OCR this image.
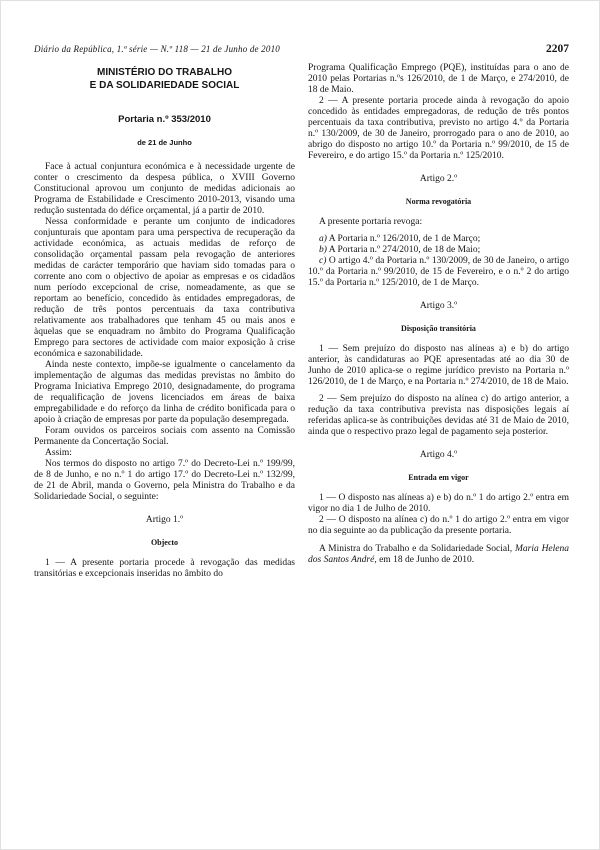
Diário da República, 1.ª série — N.º 118 — 21 de Junho de 2010	2207
MINISTÉRIO DO TRABALHO
E DA SOLIDARIEDADE SOCIAL
Portaria n.º 353/2010
de 21 de Junho

Face à actual conjuntura económica e à necessidade urgente de conter o crescimento da despesa pública, o XVIII Governo Constitucional aprovou um conjunto de medidas adicionais ao Programa de Estabilidade e Crescimento 2010-2013, visando uma redução sustentada do défice orçamental, já a partir de 2010.

Nessa conformidade e perante um conjunto de indicadores conjunturais que apontam para uma perspectiva de recuperação da actividade económica, as actuais medidas de reforço de consolidação orçamental passam pela revogação de anteriores medidas de carácter temporário que haviam sido tomadas para o corrente ano com o objectivo de apoiar as empresas e os cidadãos num período excepcional de crise, nomeadamente, as que se reportam ao benefício, concedido às entidades empregadoras, de redução de três pontos percentuais da taxa contributiva relativamente aos trabalhadores que tenham 45 ou mais anos e àquelas que se enquadram no âmbito do Programa Qualificação Emprego para sectores de actividade com maior exposição à crise económica e sazonabilidade.

Ainda neste contexto, impõe-se igualmente o cancelamento da implementação de algumas das medidas previstas no âmbito do Programa Iniciativa Emprego 2010, designadamente, do programa de requalificação de jovens licenciados em áreas de baixa empregabilidade e do reforço da linha de crédito bonificada para o apoio à criação de empresas por parte da população desempregada.

Foram ouvidos os parceiros sociais com assento na Comissão Permanente da Concertação Social.

Assim:

Nos termos do disposto no artigo 7.º do Decreto-Lei n.º 199/99, de 8 de Junho, e no n.º 1 do artigo 17.º do Decreto-Lei n.º 132/99, de 21 de Abril, manda o Governo, pela Ministra do Trabalho e da Solidariedade Social, o seguinte:

Artigo 1.º

Objecto

1 — A presente portaria procede à revogação das medidas transitórias e excepcionais inseridas no âmbito do

Programa Qualificação Emprego (PQE), instituídas para o ano de 2010 pelas Portarias n.ºs 126/2010, de 1 de Março, e 274/2010, de 18 de Maio.

2 — A presente portaria procede ainda à revogação do apoio concedido às entidades empregadoras, de redução de três pontos percentuais da taxa contributiva, previsto no artigo 4.º da Portaria n.º 130/2009, de 30 de Janeiro, prorrogado para o ano de 2010, ao abrigo do disposto no artigo 10.º da Portaria n.º 99/2010, de 15 de Fevereiro, e do artigo 15.º da Portaria n.º 125/2010.

Artigo 2.º

Norma revogatória

A presente portaria revoga:

a) A Portaria n.º 126/2010, de 1 de Março;

b) A Portaria n.º 274/2010, de 18 de Maio;

c) O artigo 4.º da Portaria n.º 130/2009, de 30 de Janeiro, o artigo 10.º da Portaria n.º 99/2010, de 15 de Fevereiro, e o n.º 2 do artigo 15.º da Portaria n.º 125/2010, de 1 de Março.

Artigo 3.º

Disposição transitória

1 — Sem prejuízo do disposto nas alíneas a) e b) do artigo anterior, às candidaturas ao PQE apresentadas até ao dia 30 de Junho de 2010 aplica-se o regime jurídico previsto na Portaria n.º 126/2010, de 1 de Março, e na Portaria n.º 274/2010, de 18 de Maio.

2 — Sem prejuízo do disposto na alínea c) do artigo anterior, a redução da taxa contributiva prevista nas disposições legais aí referidas aplica-se às contribuições devidas até 31 de Maio de 2010, ainda que o respectivo prazo legal de pagamento seja posterior.

Artigo 4.º

Entrada em vigor

1 — O disposto nas alíneas a) e b) do n.º 1 do artigo 2.º entra em vigor no dia 1 de Julho de 2010.

2 — O disposto na alínea c) do n.º 1 do artigo 2.º entra em vigor no dia seguinte ao da publicação da presente portaria.

A Ministra do Trabalho e da Solidariedade Social, Maria Helena dos Santos André, em 18 de Junho de 2010.
